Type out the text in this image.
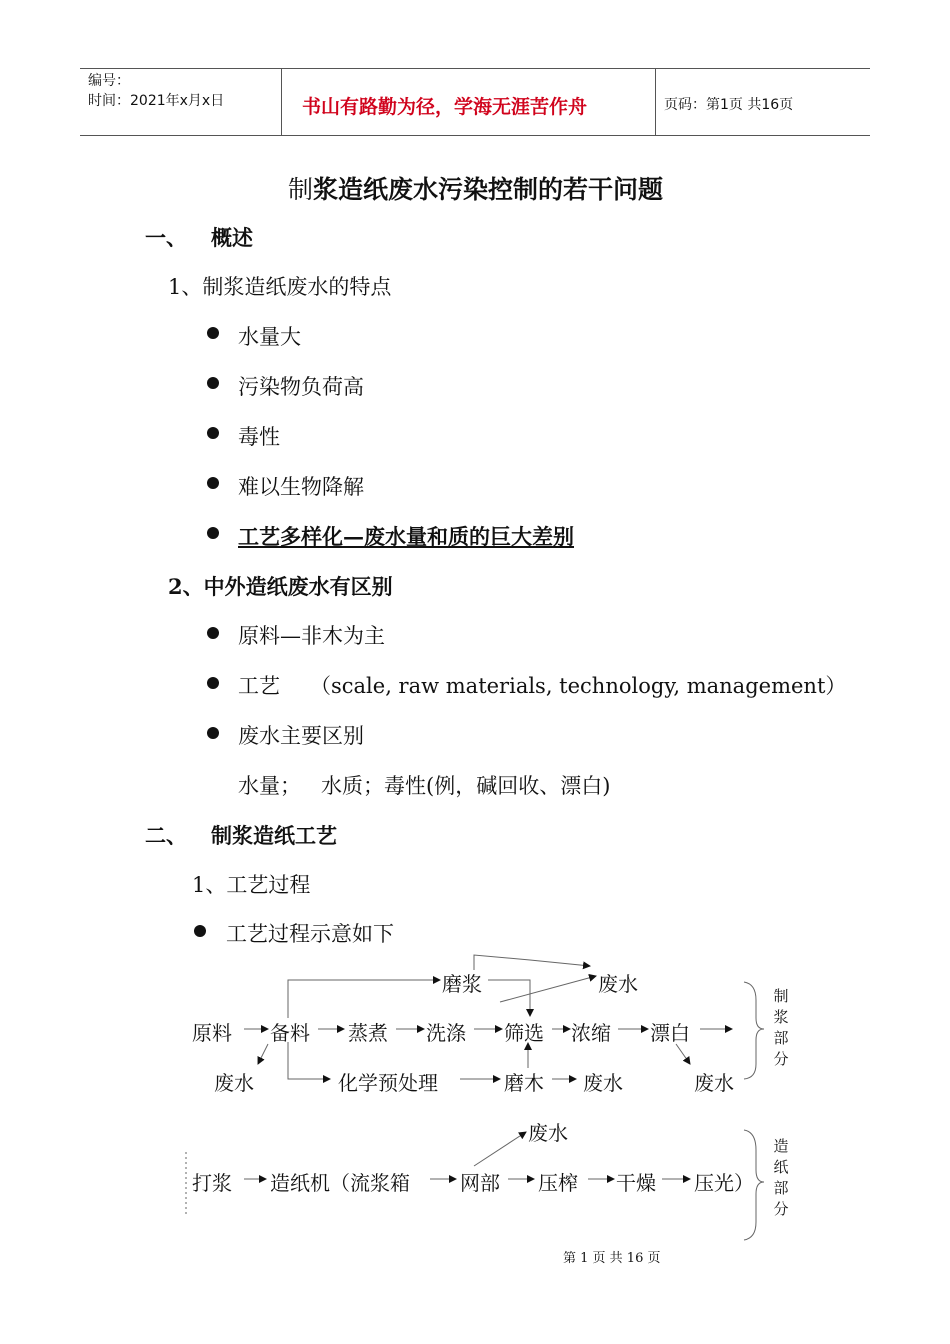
编号：
时间：2021年x月x日	书山有路勤为径，学海无涯苦作舟	页码：第1页 共16页
制浆造纸废水污染控制的若干问题
一、 概述
1、制浆造纸废水的特点
水量大
污染物负荷高
毒性
难以生物降解
工艺多样化—废水量和质的巨大差别
2、中外造纸废水有区别
原料—非木为主
工艺 （scale, raw materials, technology, management）
废水主要区别
水量；   水质；毒性(例，碱回收、漂白)
二、 制浆造纸工艺
1、工艺过程
工艺过程示意如下
磨浆	废水
原料 备料 蒸煮 洗涤 筛选 浓缩 漂白
废水	化学预处理	磨木 废水	废水
制
浆
部
分
废水
打浆 造纸机（流浆箱	网部 压榨 干燥 压光）
造
纸
部
分
第 1 页 共 16 页
